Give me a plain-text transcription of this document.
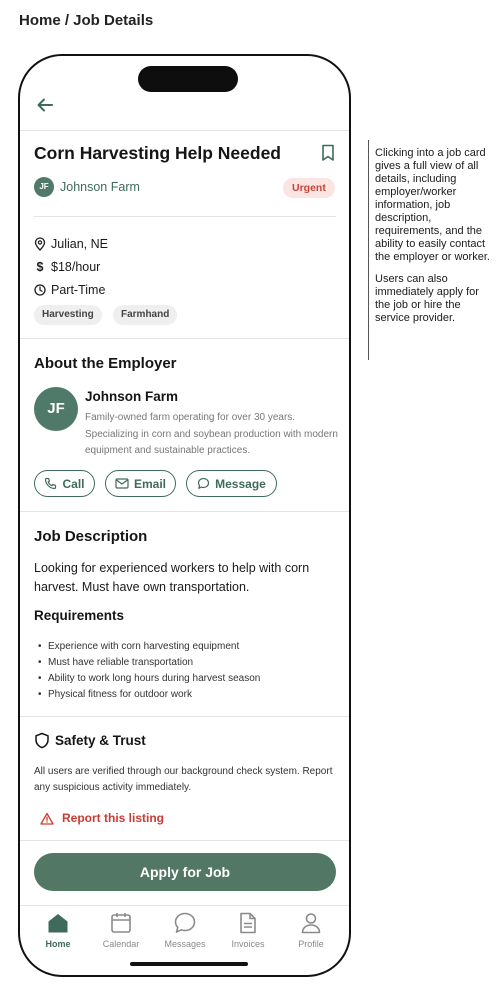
Home / Job Details
Corn Harvesting Help Needed
JF Johnson Farm	Urgent
Julian, NE
$ $18/hour
Part-Time
Harvesting	Farmhand
About the Employer
JF
Johnson Farm
Family-owned farm operating for over 30 years. Specializing in corn and soybean production with modern equipment and sustainable practices.
Call	Email	Message
Job Description
Looking for experienced workers to help with corn harvest. Must have own transportation.
Requirements
• Experience with corn harvesting equipment
• Must have reliable transportation
• Ability to work long hours during harvest season
• Physical fitness for outdoor work
Safety & Trust
All users are verified through our background check system. Report any suspicious activity immediately.
Report this listing
Apply for Job
Home	Calendar	Messages	Invoices	Profile

Clicking into a job card gives a full view of all details, including employer/worker information, job description, requirements, and the ability to easily contact the employer or worker.

Users can also immediately apply for the job or hire the service provider.
